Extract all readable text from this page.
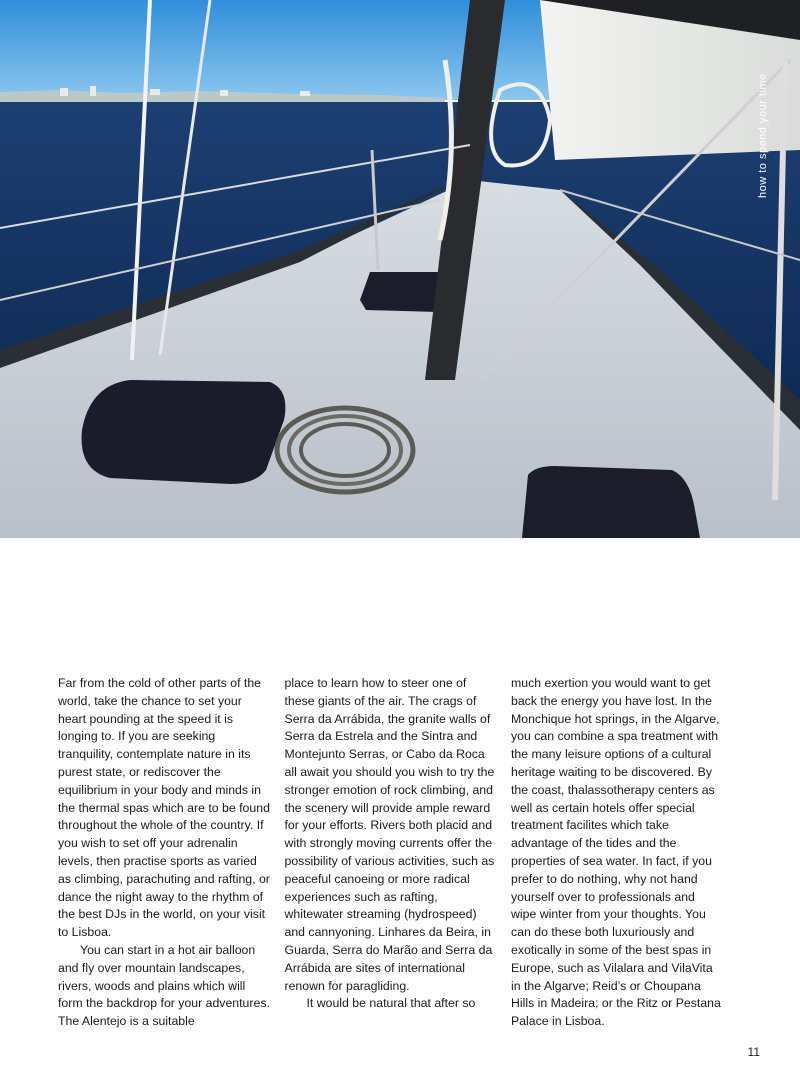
how to spend your time

Far from the cold of other parts of the world, take the chance to set your heart pounding at the speed it is longing to. If you are seeking tranquility, contemplate nature in its purest state, or rediscover the equilibrium in your body and minds in the thermal spas which are to be found throughout the whole of the country. If you wish to set off your adrenalin levels, then practise sports as varied as climbing, parachuting and rafting, or dance the night away to the rhythm of the best DJs in the world, on your visit to Lisboa.

You can start in a hot air balloon and fly over mountain landscapes, rivers, woods and plains which will form the backdrop for your adventures. The Alentejo is a suitable

place to learn how to steer one of these giants of the air. The crags of Serra da Arrábida, the granite walls of Serra da Estrela and the Sintra and Montejunto Serras, or Cabo da Roca all await you should you wish to try the stronger emotion of rock climbing, and the scenery will provide ample reward for your efforts. Rivers both placid and with strongly moving currents offer the possibility of various activities, such as peaceful canoeing or more radical experiences such as rafting, whitewater streaming (hydrospeed) and cannyoning. Linhares da Beira, in Guarda, Serra do Marão and Serra da Arrábida are sites of international renown for paragliding.

It would be natural that after so

much exertion you would want to get back the energy you have lost. In the Monchique hot springs, in the Algarve, you can combine a spa treatment with the many leisure options of a cultural heritage waiting to be discovered. By the coast, thalassotherapy centers as well as certain hotels offer special treatment facilites which take advantage of the tides and the properties of sea water. In fact, if you prefer to do nothing, why not hand yourself over to professionals and wipe winter from your thoughts. You can do these both luxuriously and exotically in some of the best spas in Europe, such as Vilalara and VilaVita in the Algarve; Reid’s or Choupana Hills in Madeira; or the Ritz or Pestana Palace in Lisboa.

11
